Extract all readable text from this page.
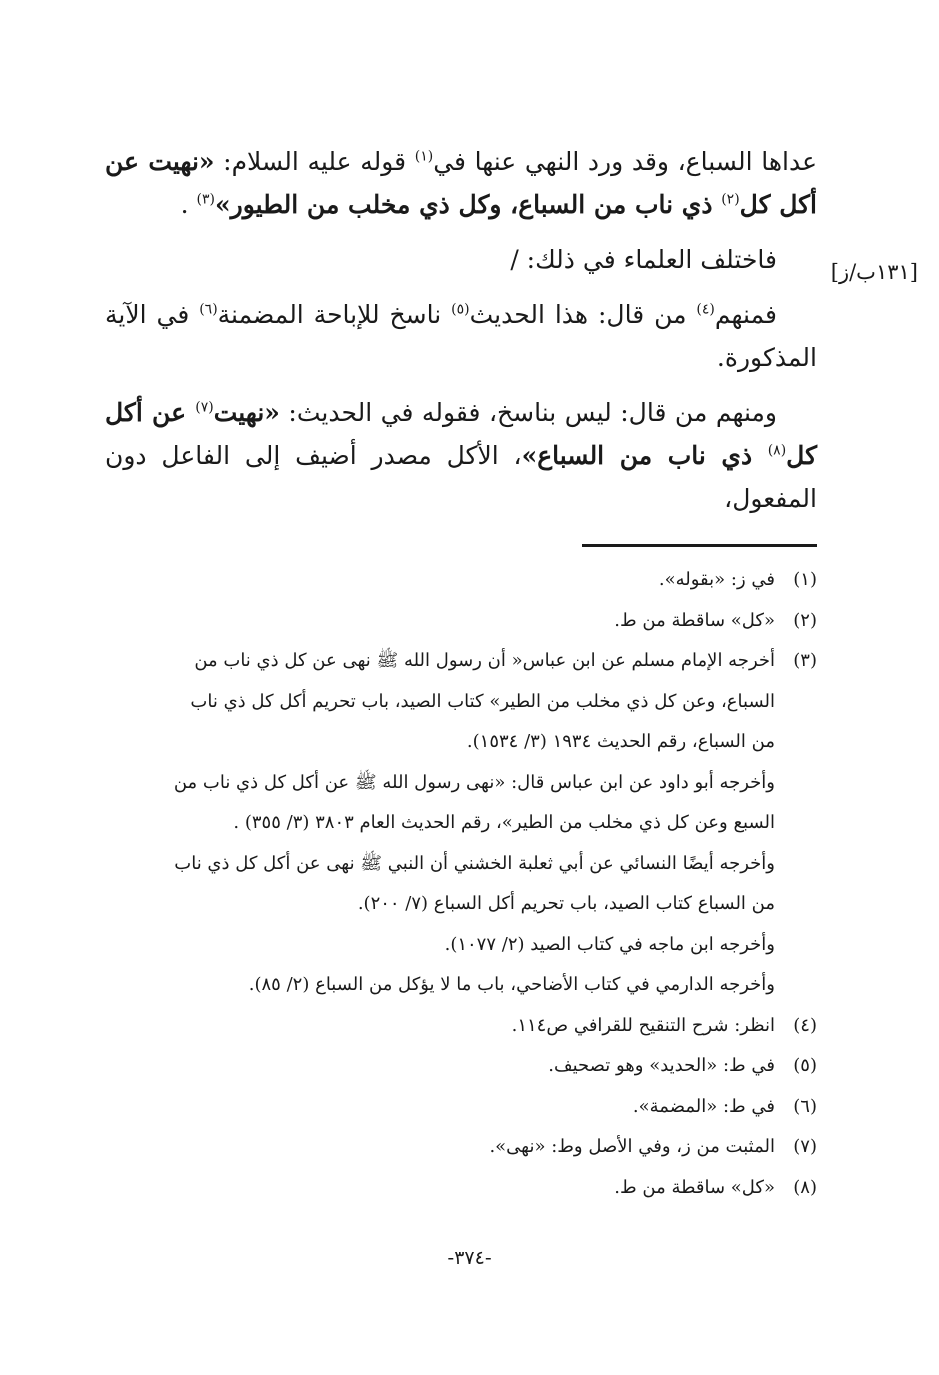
عداها السباع، وقد ورد النهي عنها في$^{(١)}$ قوله عليه السلام: «نهيت عن أكل كل$^{(٢)}$ ذي ناب من السباع، وكل ذي مخلب من الطيور»$^{(٣)}$ .

فاختلف العلماء في ذلك: /

فمنهم$^{(٤)}$ من قال: هذا الحديث$^{(٥)}$ ناسخ للإباحة المضمنة$^{(٦)}$ في الآية المذكورة.

ومنهم من قال: ليس بناسخ، فقوله في الحديث: «نهيت$^{(٧)}$ عن أكل كل$^{(٨)}$ ذي ناب من السباع»، الأكل مصدر أضيف إلى الفاعل دون المفعول،

[١٣١ب/ز]
(١)
في ز: «بقوله».
(٢)
«كل» ساقطة من ط.
(٣)
أخرجه الإمام مسلم عن ابن عباس« أن رسول الله ﷺ نهى عن كل ذي ناب من
السباع، وعن كل ذي مخلب من الطير» كتاب الصيد، باب تحريم أكل كل ذي ناب
من السباع، رقم الحديث ١٩٣٤ (٣/ ١٥٣٤).
وأخرجه أبو داود عن ابن عباس قال: «نهى رسول الله ﷺ عن أكل كل ذي ناب من
السبع وعن كل ذي مخلب من الطير»، رقم الحديث العام ٣٨٠٣ (٣/ ٣٥٥) .
وأخرجه أيضًا النسائي عن أبي ثعلبة الخشني أن النبي ﷺ نهى عن أكل كل ذي ناب
من السباع كتاب الصيد، باب تحريم أكل السباع (٧/ ٢٠٠).
وأخرجه ابن ماجه في كتاب الصيد (٢/ ١٠٧٧).
وأخرجه الدارمي في كتاب الأضاحي، باب ما لا يؤكل من السباع (٢/ ٨٥).
(٤)
انظر: شرح التنقيح للقرافي ص١١٤.
(٥)
في ط: «الحديد» وهو تصحيف.
(٦)
في ط: «المضمة».
(٧)
المثبت من ز، وفي الأصل وط: «نهى».
(٨)
«كل» ساقطة من ط.
-٣٧٤-
